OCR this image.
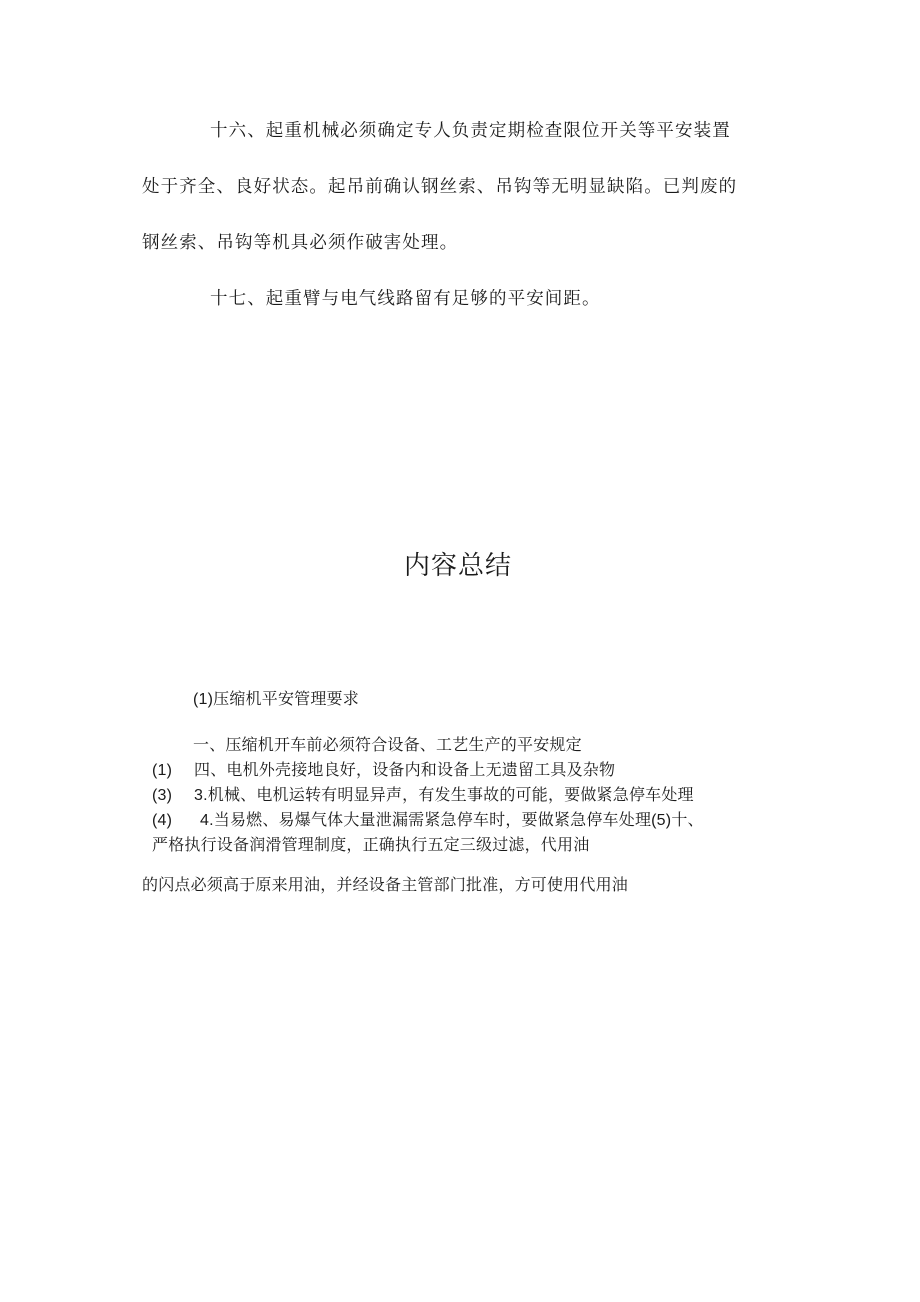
十六、起重机械必须确定专人负责定期检查限位开关等平安装置

处于齐全、良好状态。起吊前确认钢丝索、吊钩等无明显缺陷。已判废的

钢丝索、吊钩等机具必须作破害处理。

十七、起重臂与电气线路留有足够的平安间距。

内容总结

(1)压缩机平安管理要求

一、压缩机开车前必须符合设备、工艺生产的平安规定

(1) 四、电机外壳接地良好，设备内和设备上无遗留工具及杂物

(3) 3.机械、电机运转有明显异声，有发生事故的可能，要做紧急停车处理

(4) 4.当易燃、易爆气体大量泄漏需紧急停车时，要做紧急停车处理(5)十、

严格执行设备润滑管理制度，正确执行五定三级过滤，代用油

的闪点必须高于原来用油，并经设备主管部门批准，方可使用代用油
